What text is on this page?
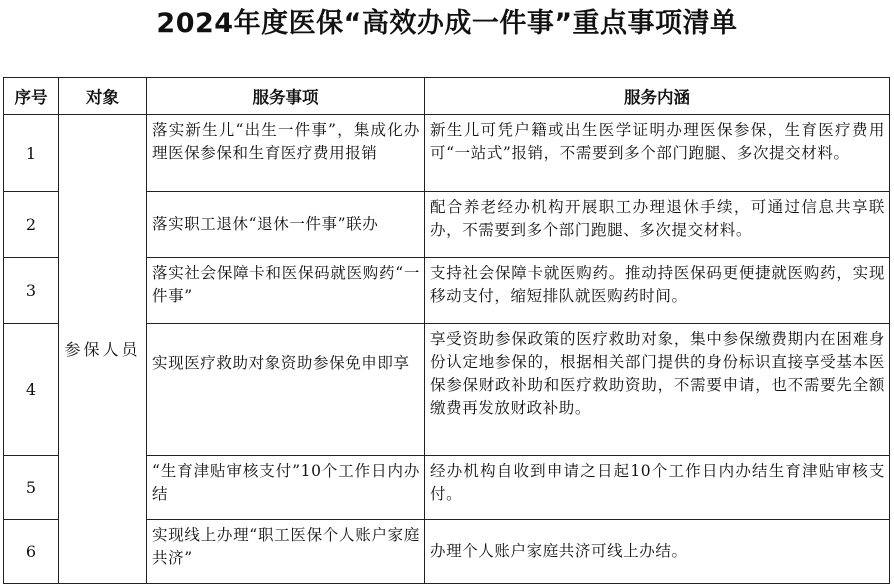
2024年度医保“高效办成一件事”重点事项清单
序号	对象	服务事项	服务内涵
1	参保人员	落实新生儿“出生一件事”，集成化办理医保参保和生育医疗费用报销	新生儿可凭户籍或出生医学证明办理医保参保，生育医疗费用可“一站式”报销，不需要到多个部门跑腿、多次提交材料。
2		落实职工退休“退休一件事”联办	配合养老经办机构开展职工办理退休手续，可通过信息共享联办，不需要到多个部门跑腿、多次提交材料。
3		落实社会保障卡和医保码就医购药“一件事”	支持社会保障卡就医购药。推动持医保码更便捷就医购药，实现移动支付，缩短排队就医购药时间。
4		实现医疗救助对象资助参保免申即享	享受资助参保政策的医疗救助对象，集中参保缴费期内在困难身份认定地参保的，根据相关部门提供的身份标识直接享受基本医保参保财政补助和医疗救助资助，不需要申请，也不需要先全额缴费再发放财政补助。
5		“生育津贴审核支付”10个工作日内办结	经办机构自收到申请之日起10个工作日内办结生育津贴审核支付。
6		实现线上办理“职工医保个人账户家庭共济”	办理个人账户家庭共济可线上办结。
